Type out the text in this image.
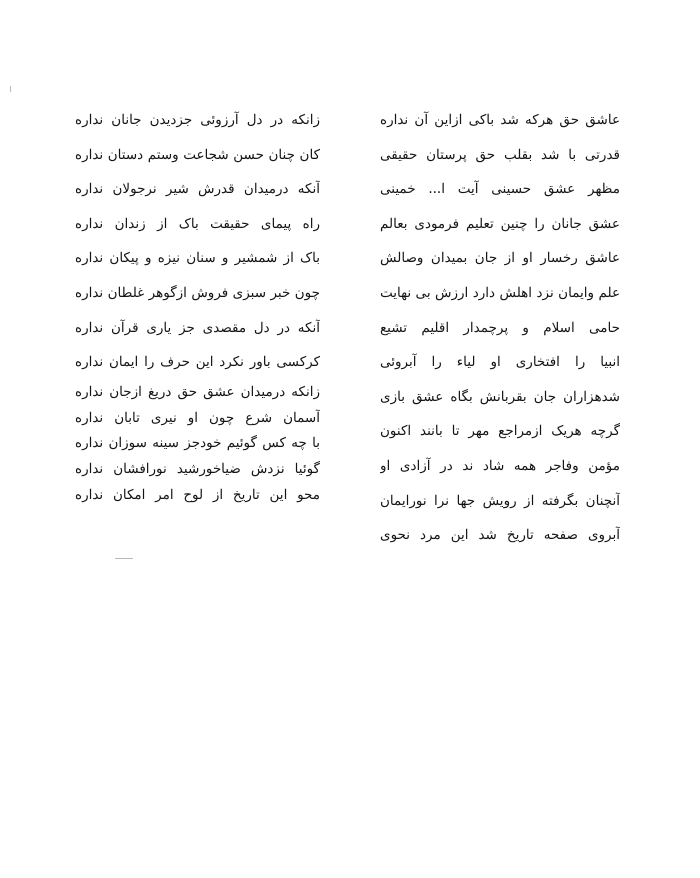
عاشق حق هرکه شد باکی ازاین آن نداره
قدرتی با شد بقلب حق پرستان حقیقی
مظهر عشق حسینی آیت ا... خمینی
عشق جانان را چنین تعلیم فرمودی بعالم
عاشق رخسار او از جان بمیدان وصالش
علم وایمان نزد اهلش دارد ارزش بی نهایت
حامی اسلام و پرچمدار اقلیم تشیع
انبیا را افتخاری او لیاء را آبروئی
شدهزاران جان بقربانش بگاه عشق بازی
گرچه هریک ازمراجع مهر تا بانند اکنون
مؤمن وفاجر همه شاد ند در آزادی او
آنچنان بگرفته از رویش جها نرا نورایمان
آبروی صفحه تاریخ شد این مرد نحوی
زانکه در دل آرزوئی جزدیدن جانان نداره
کان چنان حسن شجاعت وستم دستان نداره
آنکه درمیدان قدرش شیر نرجولان نداره
راه پیمای حقیقت باک از زندان نداره
باک از شمشیر و سنان نیزه و پیکان نداره
چون خبر سبزی فروش ازگوهر غلطان نداره
آنکه در دل مقصدی جز یاری قرآن نداره
کرکسی باور نکرد این حرف را ایمان نداره
زانکه درمیدان عشق حق دریغ ازجان نداره
آسمان شرع چون او نیری تابان نداره
با چه کس گوئیم خودجز سینه سوزان نداره
گوئیا نزدش ضیاخورشید نورافشان نداره
محو این تاریخ از لوح امر امکان نداره
